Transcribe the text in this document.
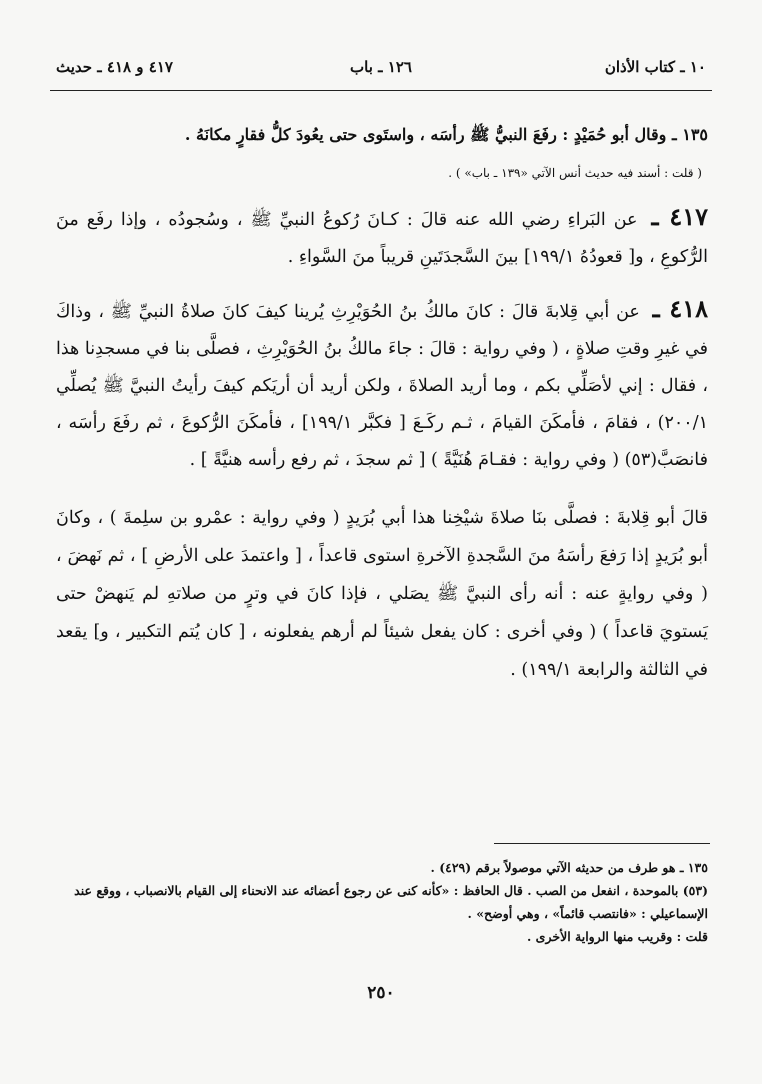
١٠ ـ كتاب الأذان
١٢٦ ـ باب
٤١٧ و ٤١٨ ـ حديث

١٣٥ ـ وقال أبو حُمَيْدٍ : رفَعَ النبيُّ ﷺ رأسَه ، واستَوى حتى يعُودَ كلُّ فقارٍ مكانَهُ .

( قلت : أسند فيه حديث أنس الآتي «١٣٩ ـ باب» ) .

٤١٧ ـ عن البَراءِ رضي الله عنه قالَ : كـانَ رُكوعُ النبيِّ ﷺ ، وسُجودُه ، وإذا رفَع منَ الرُّكوعِ ، و[ قعودُهُ ١٩٩/١] بينَ السَّجدَتَينِ قريباً منَ السَّواءِ .

٤١٨ ـ عن أبي قِلابةَ قالَ : كانَ مالكُ بنُ الحُوَيْرِثِ يُرينا كيفَ كانَ صلاةُ النبيِّ ﷺ ، وذاكَ في غيرِ وقتِ صلاةٍ ، ( وفي رواية : قالَ : جاءَ مالكُ بنُ الحُوَيْرِثِ ، فصلَّى بنا في مسجدِنا هذا ، فقال : إني لأصَلِّي بكم ، وما أريد الصلاةَ ، ولكن أريد أن أريَكم كيفَ رأيتُ النبيَّ ﷺ يُصلِّي ٢٠٠/١) ، فقامَ ، فأمكَنَ القيامَ ، ثـم ركَـعَ [ فكبَّر ١٩٩/١] ، فأمكَنَ الرُّكوعَ ، ثم رفَعَ رأسَه ، فانصَبَّ(٥٣) ( وفي رواية : فقـامَ هُنَيَّةً ) [ ثم سجدَ ، ثم رفع رأسه هنيَّةً ] .

قالَ أبو قِلابةَ : فصلَّى بنَا صلاةَ شيْخِنا هذا أبي بُرَيدٍ ( وفي رواية : عمْرو بن سلِمةَ ) ، وكانَ أبو بُرَيدٍ إذا رَفعَ رأسَهُ منَ السَّجدةِ الآخرةِ استوى قاعداً ، [ واعتمدَ على الأرضِ ] ، ثم نَهضَ ، ( وفي روايةٍ عنه : أنه رأى النبيَّ ﷺ يصَلي ، فإذا كانَ في وترٍ من صلاتهِ لم يَنهضْ حتى يَستويَ قاعداً ) ( وفي أخرى : كان يفعل شيئاً لم أرهم يفعلونه ، [ كان يُتم التكبير ، و] يقعد في الثالثة والرابعة ١٩٩/١) .

١٣٥ ـ هو طرف من حديثه الآتي موصولاً برقم (٤٢٩) .

(٥٣) بالموحدة ، انفعل من الصب . قال الحافظ : «كأنه كنى عن رجوع أعضائه عند الانحناء إلى القيام بالانصباب ، ووقع عند الإسماعيلي : «فانتصب قائماً» ، وهي أوضح» .

قلت : وقريب منها الرواية الأخرى .

٢٥٠
